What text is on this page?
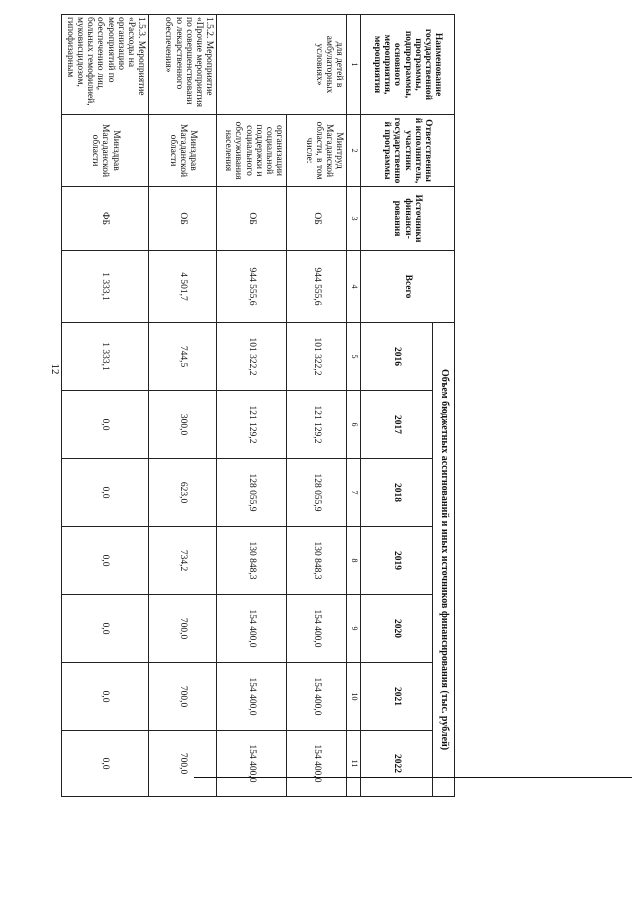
12
Наименование государственной программы, подпрограммы, основного мероприятия, мероприятия	Ответственный исполнитель, участник государственной программы	Источники финанси-рования	Всего	Объем бюджетных ассигнований и иных источников финансирования (тыс. рублей)						
				2016	2017	2018	2019	2020	2021	2022
1	2	3	4	5	6	7	8	9	10	11
для детей в амбулаторных условиях»	Минтруд Магаданской области, в том числе:	ОБ	944 555,6	101 322,2	121 129,2	128 055,9	130 848,3	154 400,0	154 400,0	154 400,0
	организации социальной поддержки и социального обслуживания населения	ОБ	944 555,6	101 322,2	121 129,2	128 055,9	130 848,3	154 400,0	154 400,0	154 400,0
1.5.2. Мероприятие «Прочие мероприятия по совершенствовани ю лекарственного обеспечения»	Минздрав Магаданской области	ОБ	4 501,7	744,5	300,0	623,0	734,2	700,0	700,0	700,0
1.5.3. Мероприятие «Расходы на организацию мероприятий по обеспечению лиц, больных гемофилией, муковисцидозом, гипофизарным	Минздрав Магаданской области	ФБ	1 333,1	1 333,1	0,0	0,0	0,0	0,0	0,0	0,0
